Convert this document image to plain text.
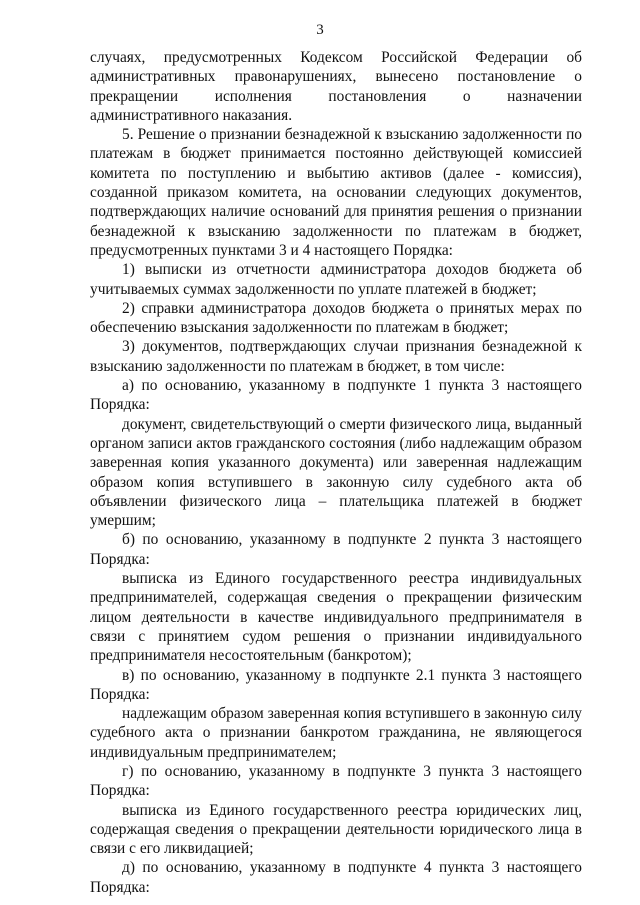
3

случаях, предусмотренных Кодексом Российской Федерации об административных правонарушениях, вынесено постановление о прекращении исполнения постановления о назначении административного наказания.

5. Решение о признании безнадежной к взысканию задолженности по платежам в бюджет принимается постоянно действующей комиссией комитета по поступлению и выбытию активов (далее - комиссия), созданной приказом комитета, на основании следующих документов, подтверждающих наличие оснований для принятия решения о признании безнадежной к взысканию задолженности по платежам в бюджет, предусмотренных пунктами 3 и 4 настоящего Порядка:

1) выписки из отчетности администратора доходов бюджета об учитываемых суммах задолженности по уплате платежей в бюджет;

2) справки администратора доходов бюджета о принятых мерах по обеспечению взыскания задолженности по платежам в бюджет;

3) документов, подтверждающих случаи признания безнадежной к взысканию задолженности по платежам в бюджет, в том числе:

а) по основанию, указанному в подпункте 1 пункта 3 настоящего Порядка:

документ, свидетельствующий о смерти физического лица, выданный органом записи актов гражданского состояния (либо надлежащим образом заверенная копия указанного документа) или заверенная надлежащим образом копия вступившего в законную силу судебного акта об объявлении физического лица – плательщика платежей в бюджет умершим;

б) по основанию, указанному в подпункте 2 пункта 3 настоящего Порядка:

выписка из Единого государственного реестра индивидуальных предпринимателей, содержащая сведения о прекращении физическим лицом деятельности в качестве индивидуального предпринимателя в связи с принятием судом решения о признании индивидуального предпринимателя несостоятельным (банкротом);

в) по основанию, указанному в подпункте 2.1 пункта 3 настоящего Порядка:

надлежащим образом заверенная копия вступившего в законную силу судебного акта о признании банкротом гражданина, не являющегося индивидуальным предпринимателем;

г) по основанию, указанному в подпункте 3 пункта 3 настоящего Порядка:

выписка из Единого государственного реестра юридических лиц, содержащая сведения о прекращении деятельности юридического лица в связи с его ликвидацией;

д) по основанию, указанному в подпункте 4 пункта 3 настоящего Порядка:
